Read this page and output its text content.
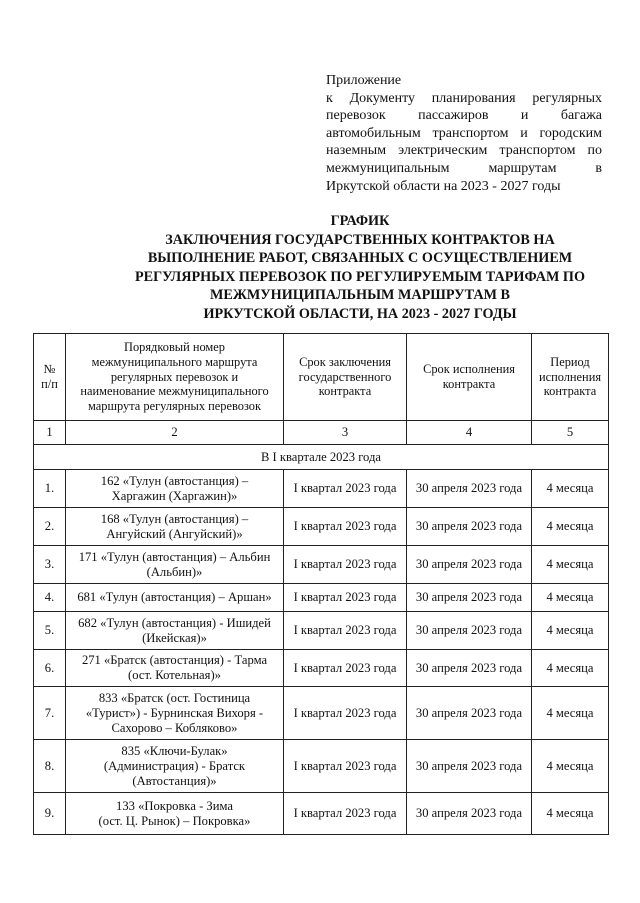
Приложение
к Документу планирования регулярных
перевозок пассажиров и багажа
автомобильным транспортом и городским
наземным электрическим транспортом по
межмуниципальным маршрутам в
Иркутской области на 2023 - 2027 годы
ГРАФИК
ЗАКЛЮЧЕНИЯ ГОСУДАРСТВЕННЫХ КОНТРАКТОВ НА
ВЫПОЛНЕНИЕ РАБОТ, СВЯЗАННЫХ С ОСУЩЕСТВЛЕНИЕМ
РЕГУЛЯРНЫХ ПЕРЕВОЗОК ПО РЕГУЛИРУЕМЫМ ТАРИФАМ ПО
МЕЖМУНИЦИПАЛЬНЫМ МАРШРУТАМ В
ИРКУТСКОЙ ОБЛАСТИ, НА 2023 - 2027 ГОДЫ
№
п/п	Порядковый номер
межмуниципального маршрута
регулярных перевозок и
наименование межмуниципального
маршрута регулярных перевозок	Срок заключения
государственного
контракта	Срок исполнения
контракта	Период
исполнения
контракта

1	2	3	4	5
В I квартале 2023 года				
1.	162 «Тулун (автостанция) –
Харгажин (Харгажин)»	I квартал 2023 года	30 апреля 2023 года	4 месяца
2.	168 «Тулун (автостанция) –
Ангуйский (Ангуйский)»	I квартал 2023 года	30 апреля 2023 года	4 месяца
3.	171 «Тулун (автостанция) – Альбин
(Альбин)»	I квартал 2023 года	30 апреля 2023 года	4 месяца
4.	681 «Тулун (автостанция) – Аршан»	I квартал 2023 года	30 апреля 2023 года	4 месяца
5.	682 «Тулун (автостанция) - Ишидей
(Икейская)»	I квартал 2023 года	30 апреля 2023 года	4 месяца
6.	271 «Братск (автостанция) - Тарма
(ост. Котельная)»	I квартал 2023 года	30 апреля 2023 года	4 месяца
7.	833 «Братск (ост. Гостиница
«Турист») - Бурнинская Вихоря -
Сахорово – Кобляково»	I квартал 2023 года	30 апреля 2023 года	4 месяца
8.	835 «Ключи-Булак»
(Администрация) - Братск
(Автостанция)»	I квартал 2023 года	30 апреля 2023 года	4 месяца
9.	133 «Покровка - Зима
(ост. Ц. Рынок) – Покровка»	I квартал 2023 года	30 апреля 2023 года	4 месяца
